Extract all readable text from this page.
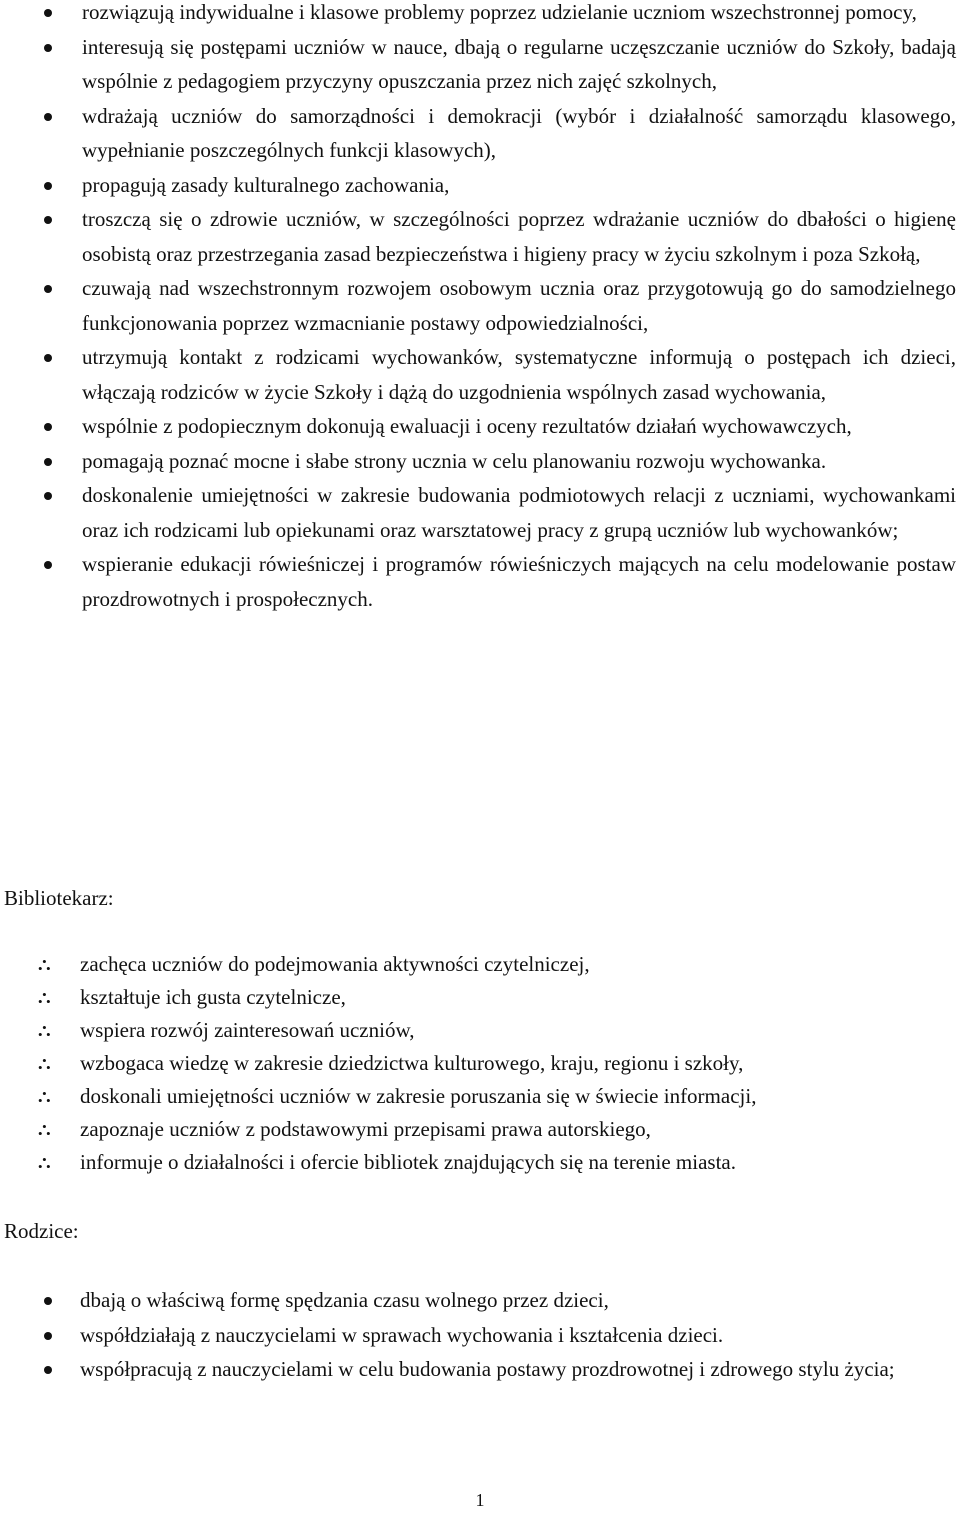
rozwiązują indywidualne i klasowe problemy poprzez udzielanie uczniom wszechstronnej pomocy,
interesują się postępami uczniów w nauce, dbają o regularne uczęszczanie uczniów do Szkoły, badają wspólnie z pedagogiem przyczyny opuszczania przez nich zajęć szkolnych,
wdrażają uczniów do samorządności i demokracji (wybór i działalność samorządu klasowego, wypełnianie poszczególnych funkcji klasowych),
propagują zasady kulturalnego zachowania,
troszczą się o zdrowie uczniów, w szczególności poprzez wdrażanie uczniów do dbałości o higienę osobistą oraz przestrzegania zasad bezpieczeństwa i higieny pracy w życiu szkolnym i poza Szkołą,
czuwają nad wszechstronnym rozwojem osobowym ucznia oraz przygotowują go do samodzielnego funkcjonowania poprzez wzmacnianie postawy odpowiedzialności,
utrzymują kontakt z rodzicami wychowanków, systematyczne informują o postępach ich dzieci, włączają rodziców w życie Szkoły i dążą do uzgodnienia wspólnych zasad wychowania,
wspólnie z podopiecznym dokonują ewaluacji i oceny rezultatów działań wychowawczych,
pomagają poznać mocne i słabe strony ucznia w celu planowaniu rozwoju wychowanka.
doskonalenie umiejętności w zakresie budowania podmiotowych relacji z uczniami, wychowankami oraz ich rodzicami lub opiekunami oraz warsztatowej pracy z grupą uczniów lub wychowanków;
wspieranie edukacji rówieśniczej i programów rówieśniczych mających na celu modelowanie postaw prozdrowotnych i prospołecznych.
Bibliotekarz:
⛬	zachęca uczniów do podejmowania aktywności czytelniczej,
⛬	kształtuje ich gusta czytelnicze,
⛬	wspiera rozwój zainteresowań uczniów,
⛬	wzbogaca wiedzę w zakresie dziedzictwa kulturowego, kraju, regionu i szkoły,
⛬	doskonali umiejętności uczniów w zakresie poruszania się w świecie informacji,
⛬	zapoznaje uczniów z podstawowymi przepisami prawa autorskiego,
⛬	informuje o działalności i ofercie bibliotek znajdujących się na terenie miasta.
Rodzice:
dbają o właściwą formę spędzania czasu wolnego przez dzieci,
współdziałają z nauczycielami w sprawach wychowania i kształcenia dzieci.
współpracują z nauczycielami w celu budowania postawy prozdrowotnej i zdrowego stylu życia;
1
